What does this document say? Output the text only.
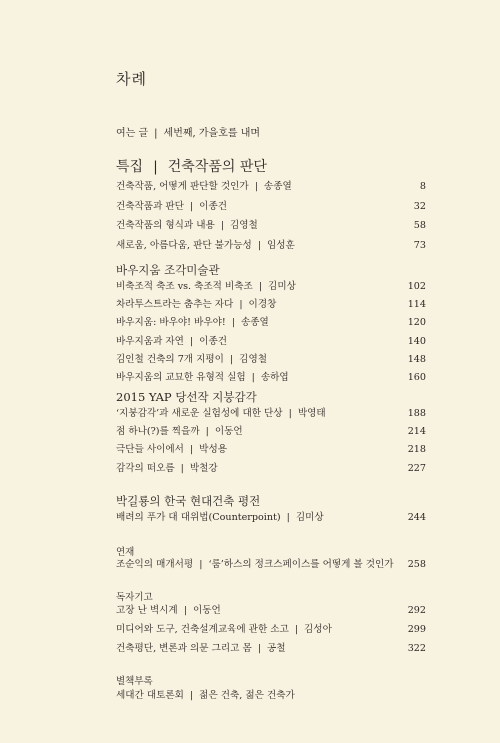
차례
여는 글 | 세번째, 가을호를 내며
특집 | 건축작품의 판단
건축작품, 어떻게 판단할 것인가 | 송종열	8
건축작품과 판단 | 이종건	32
건축작품의 형식과 내용 | 김영철	58
새로움, 아름다움, 판단 불가능성 | 임성훈	73
바우지움 조각미술관
비축조적 축조 vs. 축조적 비축조 | 김미상	102
차라투스트라는 춤추는 자다 | 이경창	114
바우지움: 바우야! 바우야! | 송종열	120
바우지움과 자연 | 이종건	140
김인철 건축의 7개 지평이 | 김영철	148
바우지움의 교묘한 유형적 실험 | 송하엽	160
2015 YAP 당선작 지붕감각
‘지붕감각’과 새로운 실험성에 대한 단상 | 박영태	188
점 하나(?)를 찍을까 | 이동언	214
극단들 사이에서 | 박성용	218
감각의 떠오름 | 박철강	227
박길룡의 한국 현대건축 평전
배려의 푸가 대 대위법(Counterpoint) | 김미상	244
연재
조순익의 매개서평 | ‘룸’하스의 정크스페이스를 어떻게 볼 것인가 258
독자기고
고장 난 벽시계 | 이동언	292
미디어와 도구, 건축설계교육에 관한 소고 | 김성아	299
건축평단, 변론과 의문 그리고 몸 | 공철	322
별책부록
세대간 대토론회 | 젊은 건축, 젊은 건축가
